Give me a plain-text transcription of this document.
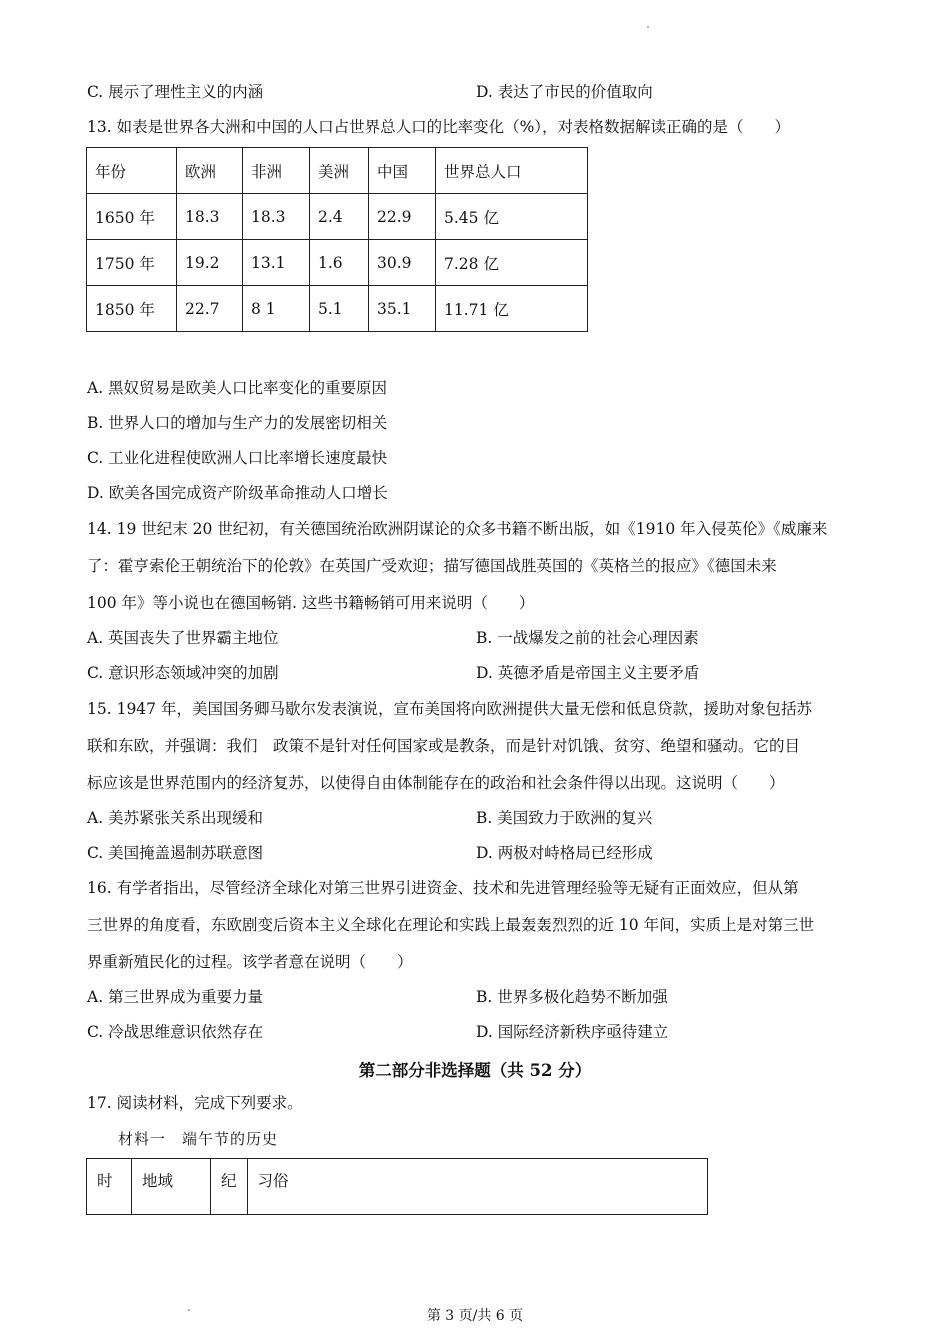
C. 展示了理性主义的内涵	D. 表达了市民的价值取向
13. 如表是世界各大洲和中国的人口占世界总人口的比率变化（%），对表格数据解读正确的是（　　）
年份	欧洲	非洲	美洲	中国	世界总人口
1650 年	18.3	18.3	2.4	22.9	5.45 亿
1750 年	19.2	13.1	1.6	30.9	7.28 亿
1850 年	22.7	8 1	5.1	35.1	11.71 亿
A. 黑奴贸易是欧美人口比率变化的重要原因
B. 世界人口的增加与生产力的发展密切相关
C. 工业化进程使欧洲人口比率增长速度最快
D. 欧美各国完成资产阶级革命推动人口增长
14. 19 世纪末 20 世纪初，有关德国统治欧洲阴谋论的众多书籍不断出版，如《1910 年入侵英伦》《威廉来
了：霍亨索伦王朝统治下的伦敦》在英国广受欢迎；描写德国战胜英国的《英格兰的报应》《德国未来
100 年》等小说也在德国畅销. 这些书籍畅销可用来说明（　　）
A. 英国丧失了世界霸主地位	B. 一战爆发之前的社会心理因素
C. 意识形态领域冲突的加剧	D. 英德矛盾是帝国主义主要矛盾
15. 1947 年，美国国务卿马歇尔发表演说，宣布美国将向欧洲提供大量无偿和低息贷款，援助对象包括苏
联和东欧，并强调：我们　政策不是针对任何国家或是教条，而是针对饥饿、贫穷、绝望和骚动。它的目
标应该是世界范围内的经济复苏，以使得自由体制能存在的政治和社会条件得以出现。这说明（　　）
A. 美苏紧张关系出现缓和	B. 美国致力于欧洲的复兴
C. 美国掩盖遏制苏联意图	D. 两极对峙格局已经形成
16. 有学者指出，尽管经济全球化对第三世界引进资金、技术和先进管理经验等无疑有正面效应，但从第
三世界的角度看，东欧剧变后资本主义全球化在理论和实践上最轰轰烈烈的近 10 年间，实质上是对第三世
界重新殖民化的过程。该学者意在说明（　　）
A. 第三世界成为重要力量	B. 世界多极化趋势不断加强
C. 冷战思维意识依然存在	D. 国际经济新秩序亟待建立
第二部分非选择题（共 52 分）
17. 阅读材料，完成下列要求。
材料一　端午节的历史
时	地域	纪	习俗
第 3 页/共 6 页
